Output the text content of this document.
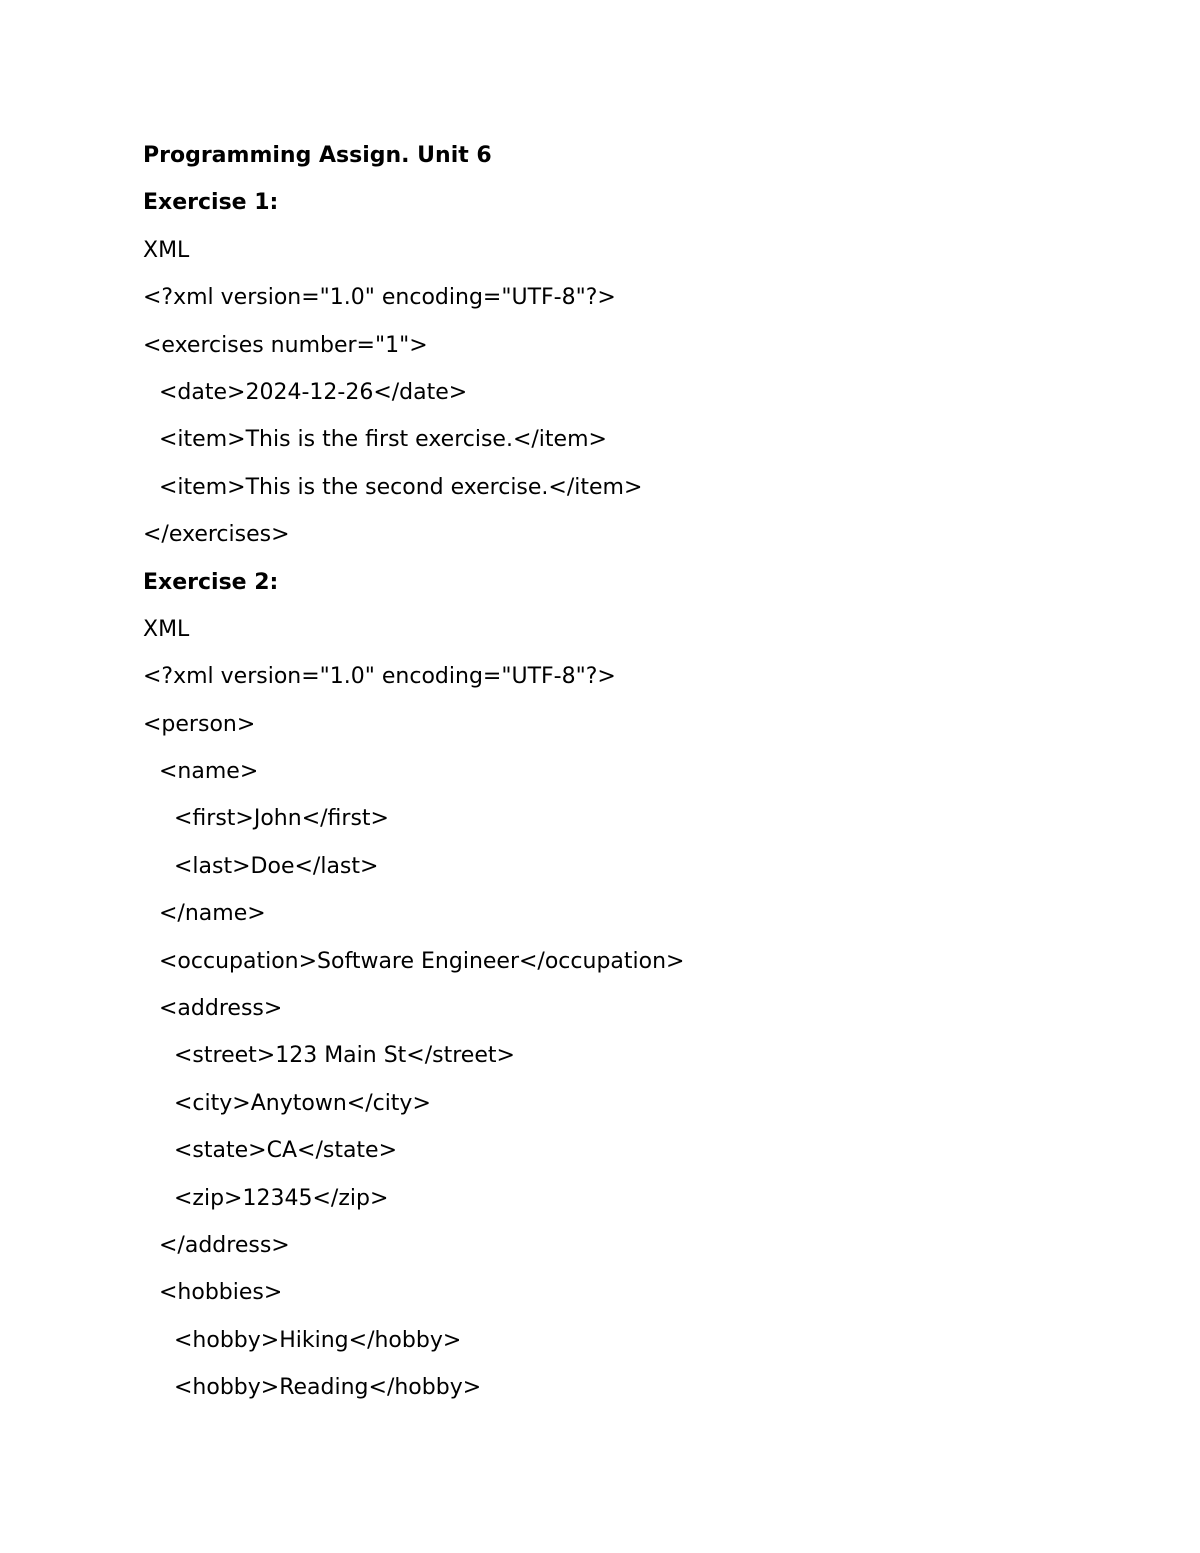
Programming Assign. Unit 6
Exercise 1:
XML
<?xml version="1.0" encoding="UTF-8"?>
<exercises number="1">
<date>2024-12-26</date>
<item>This is the first exercise.</item>
<item>This is the second exercise.</item>
</exercises>
Exercise 2:
XML
<?xml version="1.0" encoding="UTF-8"?>
<person>
<name>
<first>John</first>
<last>Doe</last>
</name>
<occupation>Software Engineer</occupation>
<address>
<street>123 Main St</street>
<city>Anytown</city>
<state>CA</state>
<zip>12345</zip>
</address>
<hobbies>
<hobby>Hiking</hobby>
<hobby>Reading</hobby>
